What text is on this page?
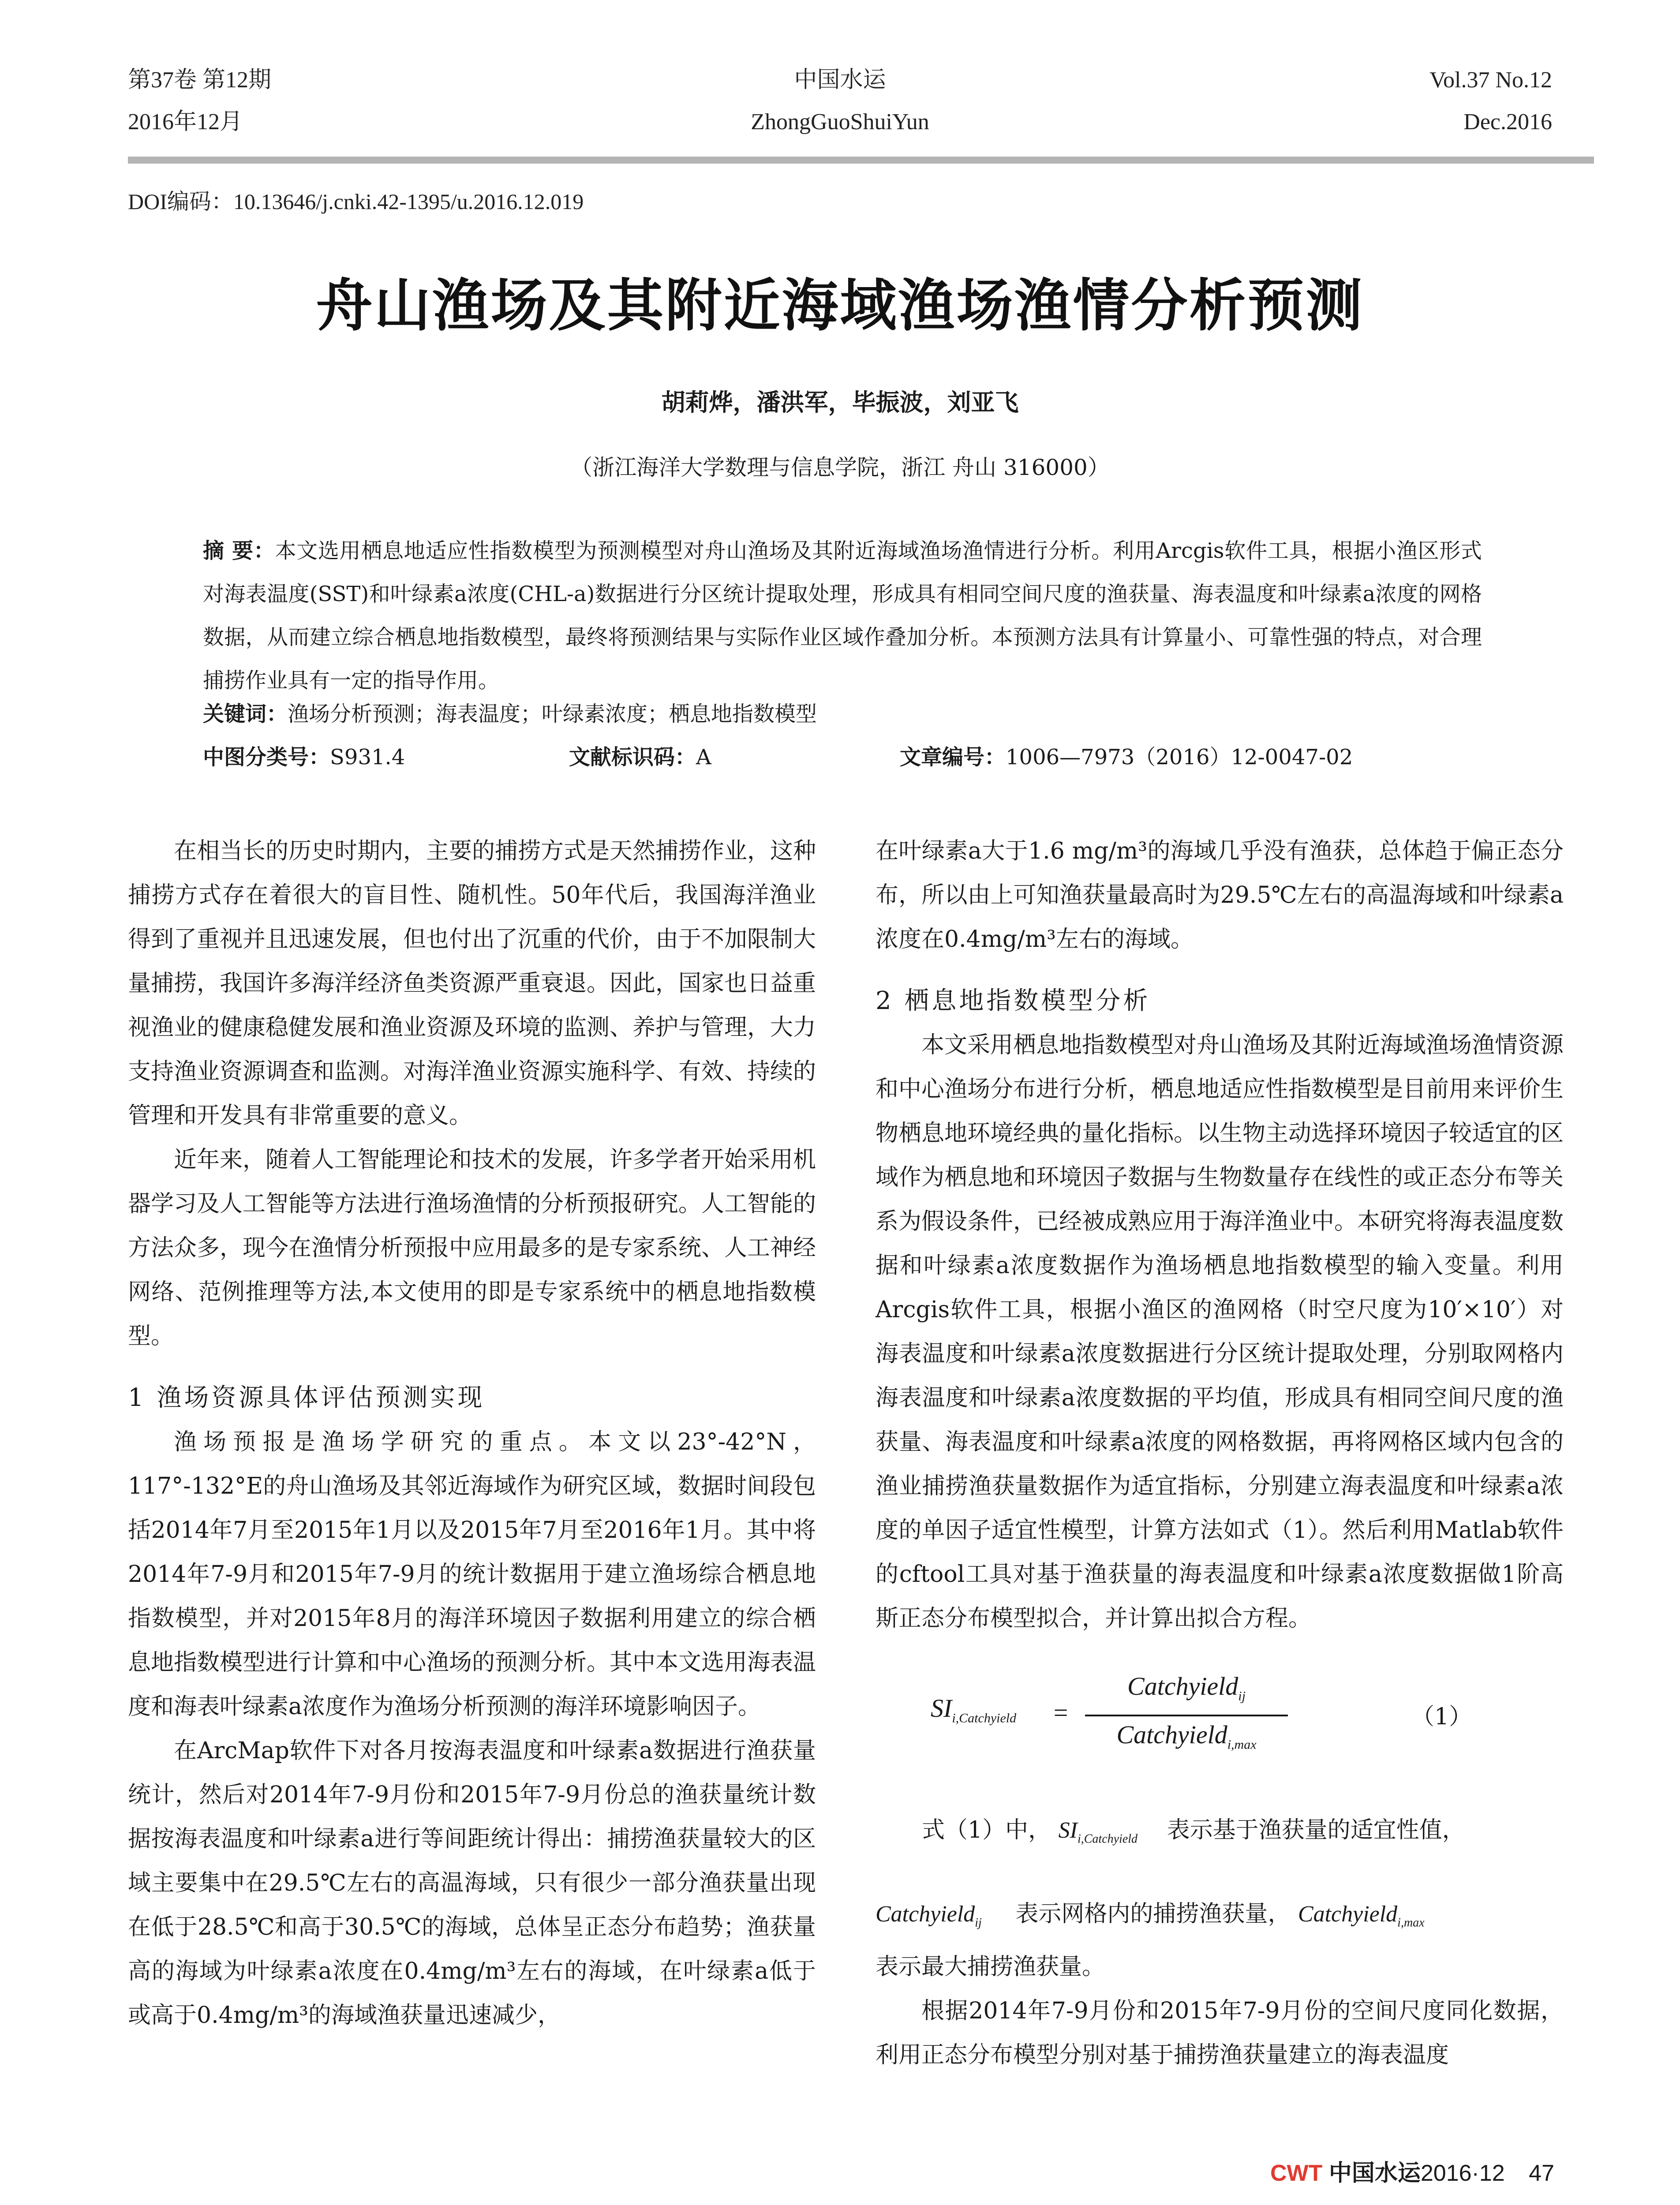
第37卷 第12期
2016年12月
中国水运
ZhongGuoShuiYun
Vol.37 No.12
Dec.2016
DOI编码：10.13646/j.cnki.42-1395/u.2016.12.019
舟山渔场及其附近海域渔场渔情分析预测
胡莉烨，潘洪军，毕振波，刘亚飞
（浙江海洋大学数理与信息学院，浙江 舟山 316000）
摘 要：本文选用栖息地适应性指数模型为预测模型对舟山渔场及其附近海域渔场渔情进行分析。利用Arcgis软件工具，根据小渔区形式对海表温度(SST)和叶绿素a浓度(CHL-a)数据进行分区统计提取处理，形成具有相同空间尺度的渔获量、海表温度和叶绿素a浓度的网格数据，从而建立综合栖息地指数模型，最终将预测结果与实际作业区域作叠加分析。本预测方法具有计算量小、可靠性强的特点，对合理捕捞作业具有一定的指导作用。
关键词：渔场分析预测；海表温度；叶绿素浓度；栖息地指数模型
中图分类号：S931.4	文献标识码：A	文章编号：1006—7973（2016）12-0047-02

在相当长的历史时期内，主要的捕捞方式是天然捕捞作业，这种捕捞方式存在着很大的盲目性、随机性。50年代后，我国海洋渔业得到了重视并且迅速发展，但也付出了沉重的代价，由于不加限制大量捕捞，我国许多海洋经济鱼类资源严重衰退。因此，国家也日益重视渔业的健康稳健发展和渔业资源及环境的监测、养护与管理，大力支持渔业资源调查和监测。对海洋渔业资源实施科学、有效、持续的管理和开发具有非常重要的意义。

近年来，随着人工智能理论和技术的发展，许多学者开始采用机器学习及人工智能等方法进行渔场渔情的分析预报研究。人工智能的方法众多，现今在渔情分析预报中应用最多的是专家系统、人工神经网络、范例推理等方法,本文使用的即是专家系统中的栖息地指数模型。

1 渔场资源具体评估预测实现

渔场预报是渔场学研究的重点。本文以23°-42°N，117°-132°E的舟山渔场及其邻近海域作为研究区域，数据时间段包括2014年7月至2015年1月以及2015年7月至2016年1月。其中将2014年7-9月和2015年7-9月的统计数据用于建立渔场综合栖息地指数模型，并对2015年8月的海洋环境因子数据利用建立的综合栖息地指数模型进行计算和中心渔场的预测分析。其中本文选用海表温度和海表叶绿素a浓度作为渔场分析预测的海洋环境影响因子。

在ArcMap软件下对各月按海表温度和叶绿素a数据进行渔获量统计，然后对2014年7-9月份和2015年7-9月份总的渔获量统计数据按海表温度和叶绿素a进行等间距统计得出：捕捞渔获量较大的区域主要集中在29.5℃左右的高温海域，只有很少一部分渔获量出现在低于28.5℃和高于30.5℃的海域，总体呈正态分布趋势；渔获量高的海域为叶绿素a浓度在0.4mg/m³左右的海域，在叶绿素a低于或高于0.4mg/m³的海域渔获量迅速减少，

在叶绿素a大于1.6 mg/m³的海域几乎没有渔获，总体趋于偏正态分布，所以由上可知渔获量最高时为29.5℃左右的高温海域和叶绿素a浓度在0.4mg/m³左右的海域。

2 栖息地指数模型分析

本文采用栖息地指数模型对舟山渔场及其附近海域渔场渔情资源和中心渔场分布进行分析，栖息地适应性指数模型是目前用来评价生物栖息地环境经典的量化指标。以生物主动选择环境因子较适宜的区域作为栖息地和环境因子数据与生物数量存在线性的或正态分布等关系为假设条件，已经被成熟应用于海洋渔业中。本研究将海表温度数据和叶绿素a浓度数据作为渔场栖息地指数模型的输入变量。利用Arcgis软件工具，根据小渔区的渔网格（时空尺度为10′×10′）对海表温度和叶绿素a浓度数据进行分区统计提取处理，分别取网格内海表温度和叶绿素a浓度数据的平均值，形成具有相同空间尺度的渔获量、海表温度和叶绿素a浓度的网格数据，再将网格区域内包含的渔业捕捞渔获量数据作为适宜指标，分别建立海表温度和叶绿素a浓度的单因子适宜性模型，计算方法如式（1）。然后利用Matlab软件的cftool工具对基于渔获量的海表温度和叶绿素a浓度数据做1阶高斯正态分布模型拟合，并计算出拟合方程。

$SI_{i,Catchyield}$ =
Catchyield$_{ij}$
Catchyield$_{i,max}$
（1）
式（1）中， $SI_{i,Catchyield}$ 表示基于渔获量的适宜性值，
Catchyield$_{ij}$ 表示网格内的捕捞渔获量， Catchyield$_{i,max}$
表示最大捕捞渔获量。

根据2014年7-9月份和2015年7-9月份的空间尺度同化数据，利用正态分布模型分别对基于捕捞渔获量建立的海表温度

CWT 中国水运2016·12 47
